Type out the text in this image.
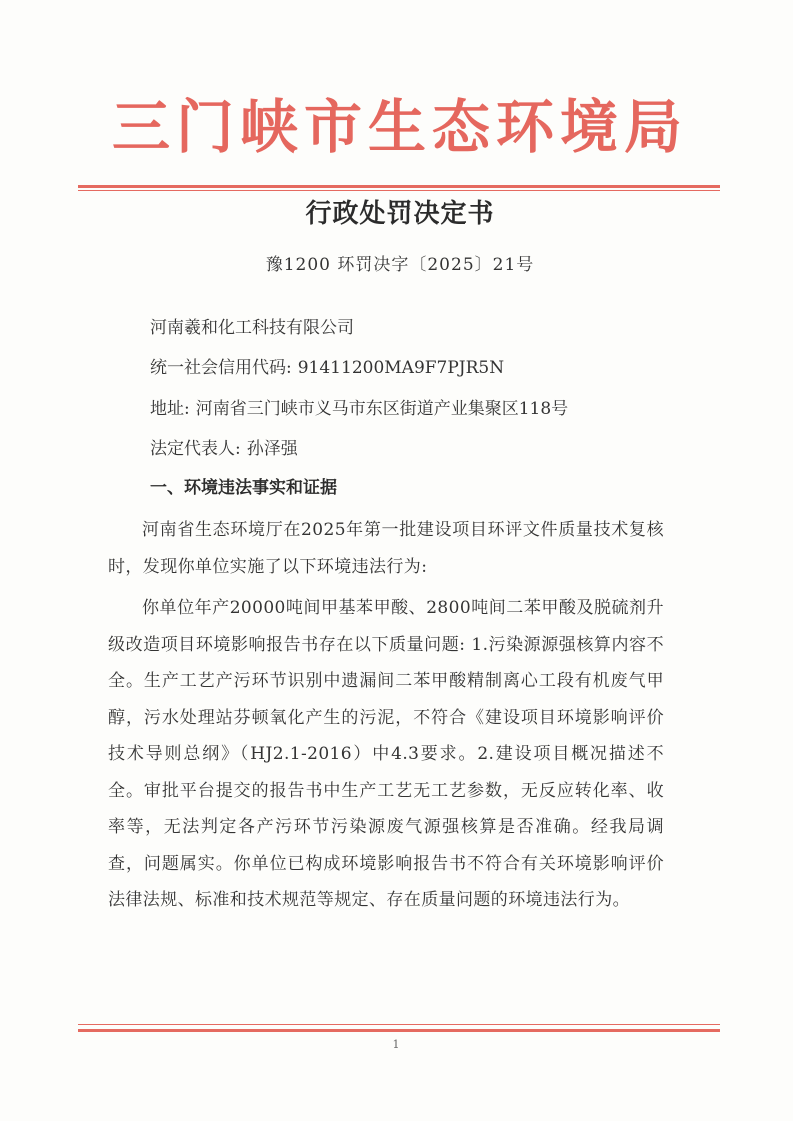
三门峡市生态环境局
行政处罚决定书
豫1200 环罚决字〔2025〕21号
河南羲和化工科技有限公司
统一社会信用代码: 91411200MA9F7PJR5N
地址: 河南省三门峡市义马市东区街道产业集聚区118号
法定代表人: 孙泽强
一、环境违法事实和证据

河南省生态环境厅在2025年第一批建设项目环评文件质量技术复核时，发现你单位实施了以下环境违法行为:

你单位年产20000吨间甲基苯甲酸、2800吨间二苯甲酸及脱硫剂升级改造项目环境影响报告书存在以下质量问题: 1.污染源源强核算内容不全。生产工艺产污环节识别中遗漏间二苯甲酸精制离心工段有机废气甲醇，污水处理站芬顿氧化产生的污泥，不符合《建设项目环境影响评价技术导则总纲》（HJ2.1-2016）中4.3要求。2.建设项目概况描述不全。审批平台提交的报告书中生产工艺无工艺参数，无反应转化率、收率等，无法判定各产污环节污染源废气源强核算是否准确。经我局调查，问题属实。你单位已构成环境影响报告书不符合有关环境影响评价法律法规、标准和技术规范等规定、存在质量问题的环境违法行为。

1
